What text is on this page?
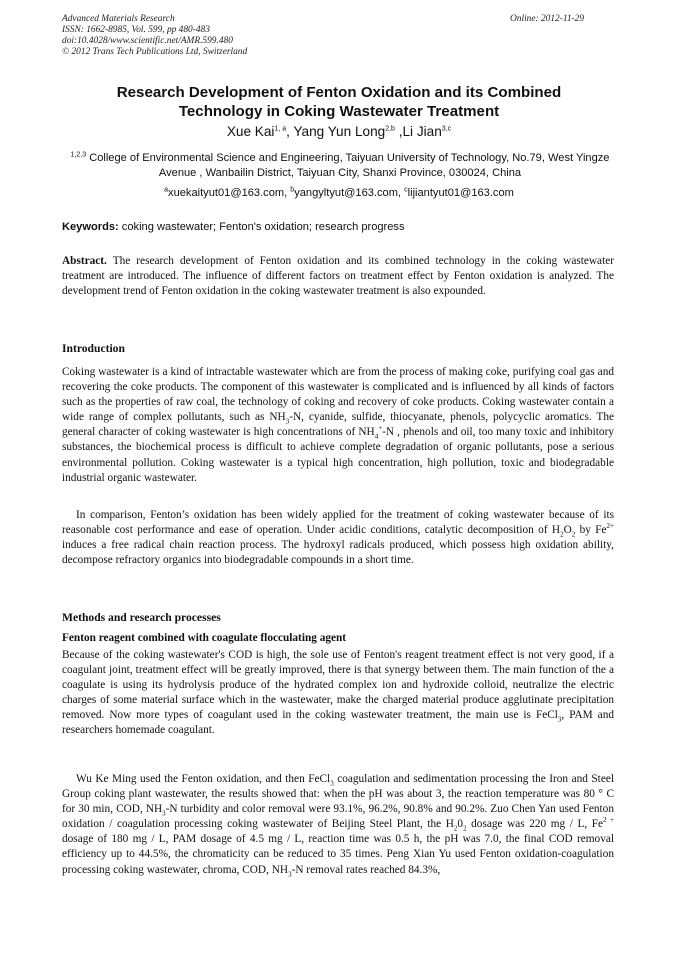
Advanced Materials Research
ISSN: 1662-8985, Vol. 599, pp 480-483
doi:10.4028/www.scientific.net/AMR.599.480
© 2012 Trans Tech Publications Ltd, Switzerland
Online: 2012-11-29
Research Development of Fenton Oxidation and its Combined Technology in Coking Wastewater Treatment
Xue Kai$^{1, a}$, Yang Yun Long$^{2,b}$ ,Li Jian$^{3,c}$
$^{1,2,3}$ College of Environmental Science and Engineering, Taiyuan University of Technology, No.79, West Yingze Avenue , Wanbailin District, Taiyuan City, Shanxi Province, 030024, China
$^a$xuekaityut01@163.com, $^b$yangyltyut@163.com, $^c$lijiantyut01@163.com
Keywords: coking wastewater; Fenton's oxidation; research progress
Abstract. The research development of Fenton oxidation and its combined technology in the coking wastewater treatment are introduced. The influence of different factors on treatment effect by Fenton oxidation is analyzed. The development trend of Fenton oxidation in the coking wastewater treatment is also expounded.
Introduction
Coking wastewater is a kind of intractable wastewater which are from the process of making coke, purifying coal gas and recovering the coke products. The component of this wastewater is complicated and is influenced by all kinds of factors such as the properties of raw coal, the technology of coking and recovery of coke products. Coking wastewater contain a wide range of complex pollutants, such as $NH_3-N$, cyanide, sulfide, thiocyanate, phenols, polycyclic aromatics. The general character of coking wastewater is high concentrations of $NH_4^+-N$ , phenols and oil, too many toxic and inhibitory substances, the biochemical process is difficult to achieve complete degradation of organic pollutants, pose a serious environmental pollution. Coking wastewater is a typical high concentration, high pollution, toxic and biodegradable industrial organic wastewater.
In comparison, Fenton’s oxidation has been widely applied for the treatment of coking wastewater because of its reasonable cost performance and ease of operation. Under acidic conditions, catalytic decomposition of $H_2O_2$ by $Fe^{2+}$ induces a free radical chain reaction process. The hydroxyl radicals produced, which possess high oxidation ability, decompose refractory organics into biodegradable compounds in a short time.
Methods and research processes
Fenton reagent combined with coagulate flocculating agent
Because of the coking wastewater's COD is high, the sole use of Fenton's reagent treatment effect is not very good, if a coagulant joint, treatment effect will be greatly improved, there is that synergy between them. The main function of the a coagulate is using its hydrolysis produce of the hydrated complex ion and hydroxide colloid, neutralize the electric charges of some material surface which in the wastewater, make the charged material produce agglutinate precipitation removed. Now more types of coagulant used in the coking wastewater treatment, the main use is FeCl$_3$, PAM and researchers homemade coagulant.
Wu Ke Ming used the Fenton oxidation, and then FeCl$_3$ coagulation and sedimentation processing the Iron and Steel Group coking plant wastewater, the results showed that: when the pH was about 3, the reaction temperature was 80 ° C for 30 min, COD, $NH_3-N$ turbidity and color removal were 93.1%, 96.2%, 90.8% and 90.2%. Zuo Chen Yan used Fenton oxidation / coagulation processing coking wastewater of Beijing Steel Plant, the $H_20_2$ dosage was 220 mg / L, $Fe^{2 +}$ dosage of 180 mg / L, PAM dosage of 4.5 mg / L, reaction time was 0.5 h, the pH was 7.0, the final COD removal efficiency up to 44.5%, the chromaticity can be reduced to 35 times. Peng Xian Yu used Fenton oxidation-coagulation processing coking wastewater, chroma, COD, $NH_3-N$ removal rates reached 84.3%,
